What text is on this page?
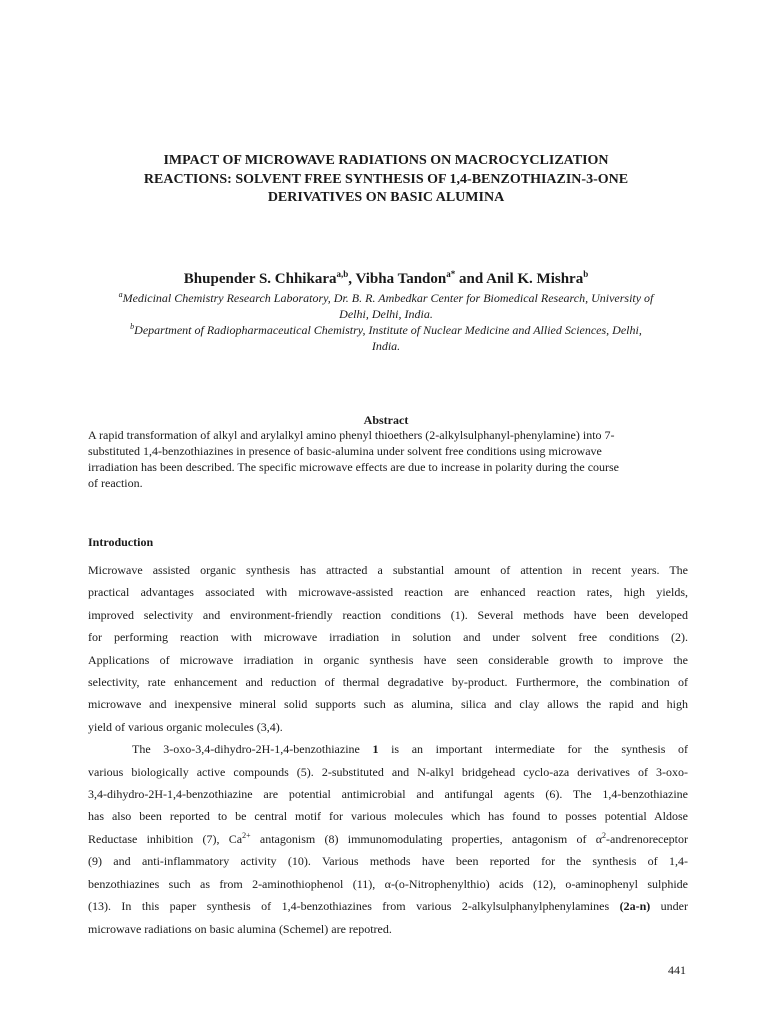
IMPACT OF MICROWAVE RADIATIONS ON MACROCYCLIZATION
REACTIONS: SOLVENT FREE SYNTHESIS OF 1,4-BENZOTHIAZIN-3-ONE
DERIVATIVES ON BASIC ALUMINA
Bhupender S. Chhikara$^{a,b}$, Vibha Tandon$^{a*}$ and Anil K. Mishra$^b$
$^a$Medicinal Chemistry Research Laboratory, Dr. B. R. Ambedkar Center for Biomedical Research, University of
Delhi, Delhi, India.
$^b$Department of Radiopharmaceutical Chemistry, Institute of Nuclear Medicine and Allied Sciences, Delhi,
India.
Abstract
A rapid transformation of alkyl and arylalkyl amino phenyl thioethers (2-alkylsulphanyl-phenylamine) into 7-
substituted 1,4-benzothiazines in presence of basic-alumina under solvent free conditions using microwave
irradiation has been described. The specific microwave effects are due to increase in polarity during the course
of reaction.
Introduction
Microwave assisted organic synthesis has attracted a substantial amount of attention in recent years. The
practical advantages associated with microwave-assisted reaction are enhanced reaction rates, high yields,
improved selectivity and environment-friendly reaction conditions (1). Several methods have been developed
for performing reaction with microwave irradiation in solution and under solvent free conditions (2).
Applications of microwave irradiation in organic synthesis have seen considerable growth to improve the
selectivity, rate enhancement and reduction of thermal degradative by-product. Furthermore, the combination of
microwave and inexpensive mineral solid supports such as alumina, silica and clay allows the rapid and high
yield of various organic molecules (3,4).
The 3-oxo-3,4-dihydro-2H-1,4-benzothiazine 1 is an important intermediate for the synthesis of
various biologically active compounds (5). 2-substituted and N-alkyl bridgehead cyclo-aza derivatives of 3-oxo-
3,4-dihydro-2H-1,4-benzothiazine are potential antimicrobial and antifungal agents (6). The 1,4-benzothiazine
has also been reported to be central motif for various molecules which has found to posses potential Aldose
Reductase inhibition (7), $Ca^{2+}$ antagonism (8) immunomodulating properties, antagonism of $\alpha^2$-andrenoreceptor
(9) and anti-inflammatory activity (10). Various methods have been reported for the synthesis of 1,4-
benzothiazines such as from 2-aminothiophenol (11), α-(o-Nitrophenylthio) acids (12), o-aminophenyl sulphide
(13). In this paper synthesis of 1,4-benzothiazines from various 2-alkylsulphanylphenylamines (2a-n) under
microwave radiations on basic alumina (Schemel) are repotred.
441
